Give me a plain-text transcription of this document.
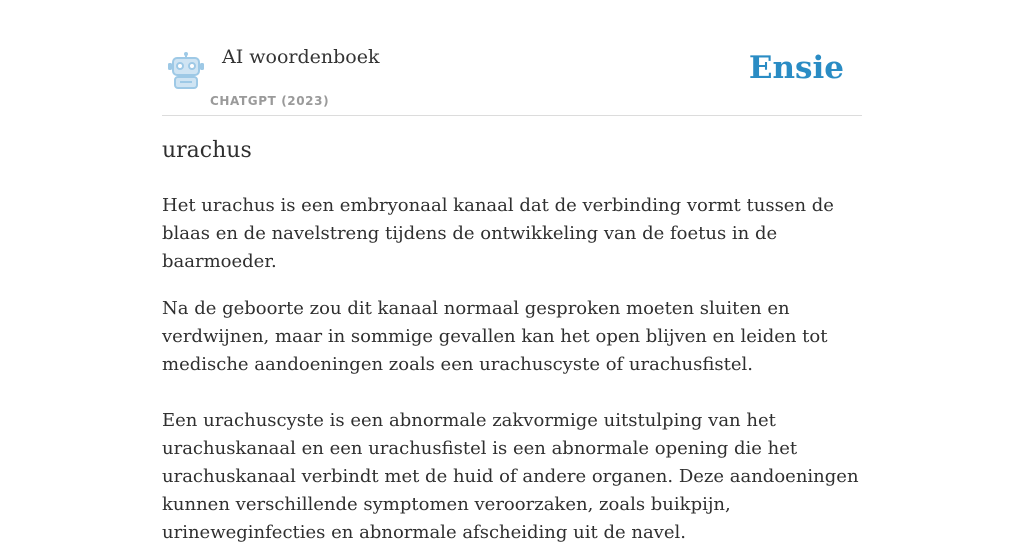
AI woordenboek
CHATGPT (2023)
Ensie
urachus

Het urachus is een embryonaal kanaal dat de verbinding vormt tussen de blaas en de navelstreng tijdens de ontwikkeling van de foetus in de baarmoeder.

Na de geboorte zou dit kanaal normaal gesproken moeten sluiten en verdwijnen, maar in sommige gevallen kan het open blijven en leiden tot medische aandoeningen zoals een urachuscyste of urachusfistel.

Een urachuscyste is een abnormale zakvormige uitstulping van het urachuskanaal en een urachusfistel is een abnormale opening die het urachuskanaal verbindt met de huid of andere organen. Deze aandoeningen kunnen verschillende symptomen veroorzaken, zoals buikpijn, urineweginfecties en abnormale afscheiding uit de navel.
